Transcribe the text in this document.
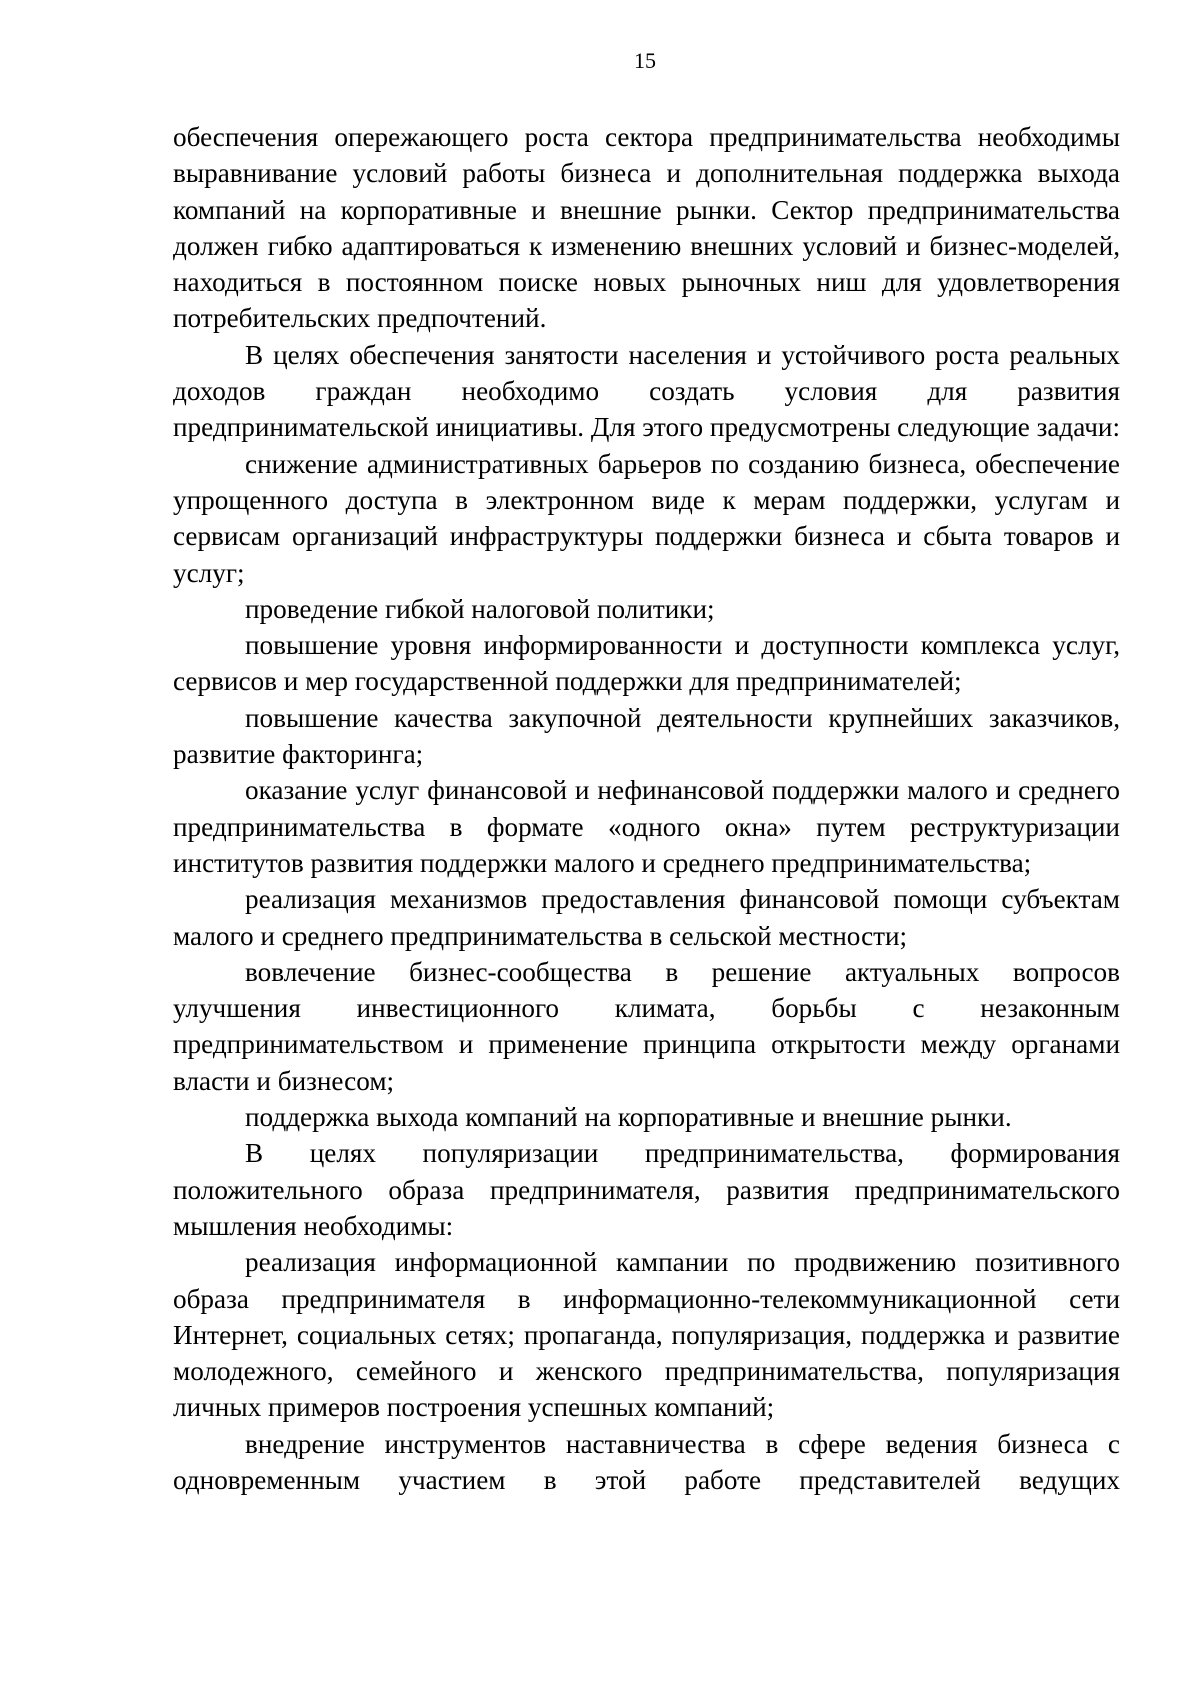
15

обеспечения опережающего роста сектора предпринимательства необходимы выравнивание условий работы бизнеса и дополнительная поддержка выхода компаний на корпоративные и внешние рынки. Сектор предпринимательства должен гибко адаптироваться к изменению внешних условий и бизнес-моделей, находиться в постоянном поиске новых рыночных ниш для удовлетворения потребительских предпочтений.

В целях обеспечения занятости населения и устойчивого роста реальных доходов граждан необходимо создать условия для развития предпринимательской инициативы. Для этого предусмотрены следующие задачи:

снижение административных барьеров по созданию бизнеса, обеспечение упрощенного доступа в электронном виде к мерам поддержки, услугам и сервисам организаций инфраструктуры поддержки бизнеса и сбыта товаров и услуг;

проведение гибкой налоговой политики;

повышение уровня информированности и доступности комплекса услуг, сервисов и мер государственной поддержки для предпринимателей;

повышение качества закупочной деятельности крупнейших заказчиков, развитие факторинга;

оказание услуг финансовой и нефинансовой поддержки малого и среднего предпринимательства в формате «одного окна» путем реструктуризации институтов развития поддержки малого и среднего предпринимательства;

реализация механизмов предоставления финансовой помощи субъектам малого и среднего предпринимательства в сельской местности;

вовлечение бизнес-сообщества в решение актуальных вопросов улучшения инвестиционного климата, борьбы с незаконным предпринимательством и применение принципа открытости между органами власти и бизнесом;

поддержка выхода компаний на корпоративные и внешние рынки.

В целях популяризации предпринимательства, формирования положительного образа предпринимателя, развития предпринимательского мышления необходимы:

реализация информационной кампании по продвижению позитивного образа предпринимателя в информационно-телекоммуникационной сети Интернет, социальных сетях; пропаганда, популяризация, поддержка и развитие молодежного, семейного и женского предпринимательства, популяризация личных примеров построения успешных компаний;

внедрение инструментов наставничества в сфере ведения бизнеса с одновременным участием в этой работе представителей ведущих
